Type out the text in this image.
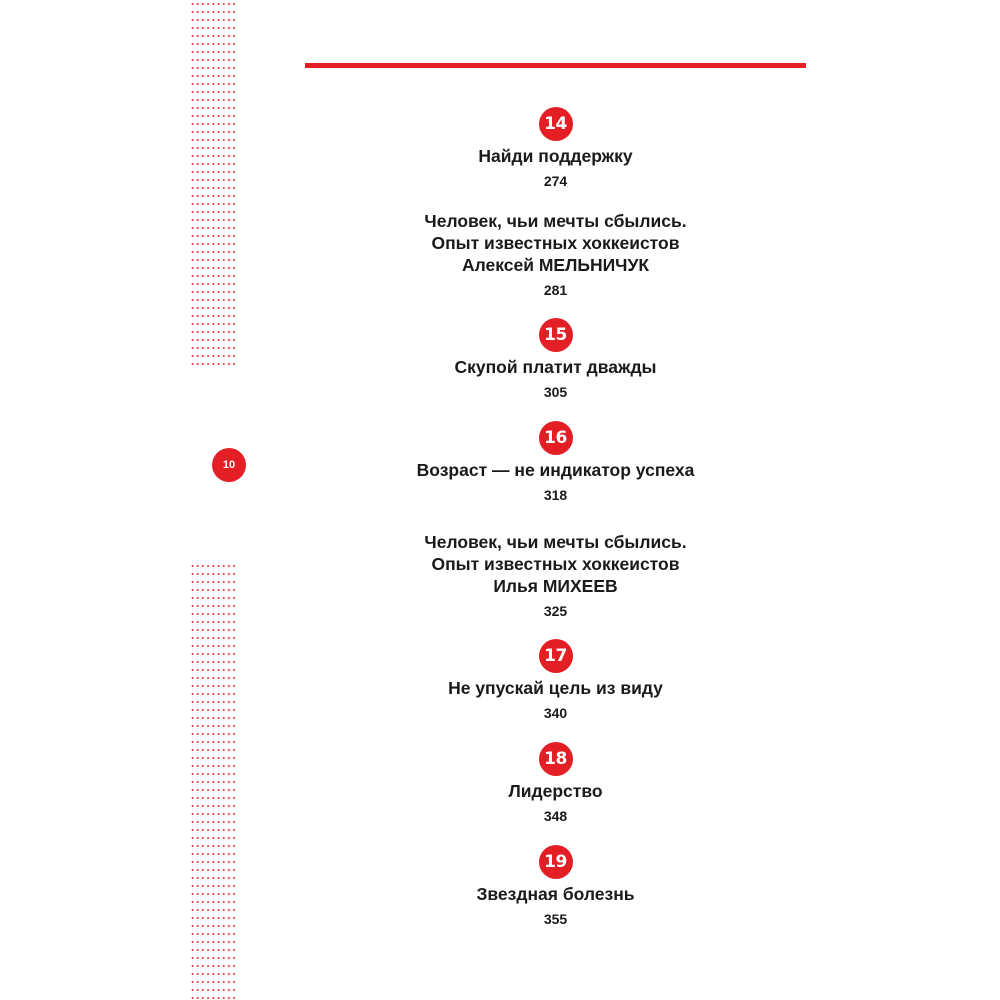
10
14
Найди поддержку
274
Человек, чьи мечты сбылись.
Опыт известных хоккеистов
Алексей МЕЛЬНИЧУК
281
15
Скупой платит дважды
305
16
Возраст — не индикатор успеха
318
Человек, чьи мечты сбылись.
Опыт известных хоккеистов
Илья МИХЕЕВ
325
17
Не упускай цель из виду
340
18
Лидерство
348
19
Звездная болезнь
355
